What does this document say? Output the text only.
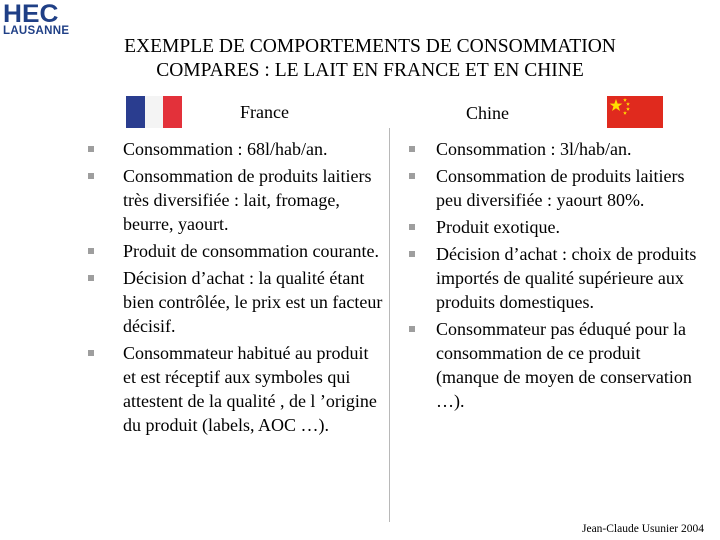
HEC
LAUSANNE
EXEMPLE DE COMPORTEMENTS DE CONSOMMATION
COMPARES : LE LAIT EN FRANCE ET EN CHINE
France	Chine
Consommation : 68l/hab/an.
Consommation de produits laitiers très diversifiée : lait, fromage, beurre, yaourt.
Produit de consommation courante.
Décision d’achat : la qualité étant bien contrôlée, le prix est un facteur décisif.
Consommateur habitué au produit et est réceptif aux symboles qui attestent de la qualité , de l ’origine du produit (labels, AOC …).
Consommation : 3l/hab/an.
Consommation de produits laitiers peu diversifiée : yaourt 80%.
Produit exotique.
Décision d’achat : choix de produits importés de qualité supérieure aux produits domestiques.
Consommateur pas éduqué pour la consommation de ce produit (manque de moyen de conservation …).
Jean-Claude Usunier 2004
